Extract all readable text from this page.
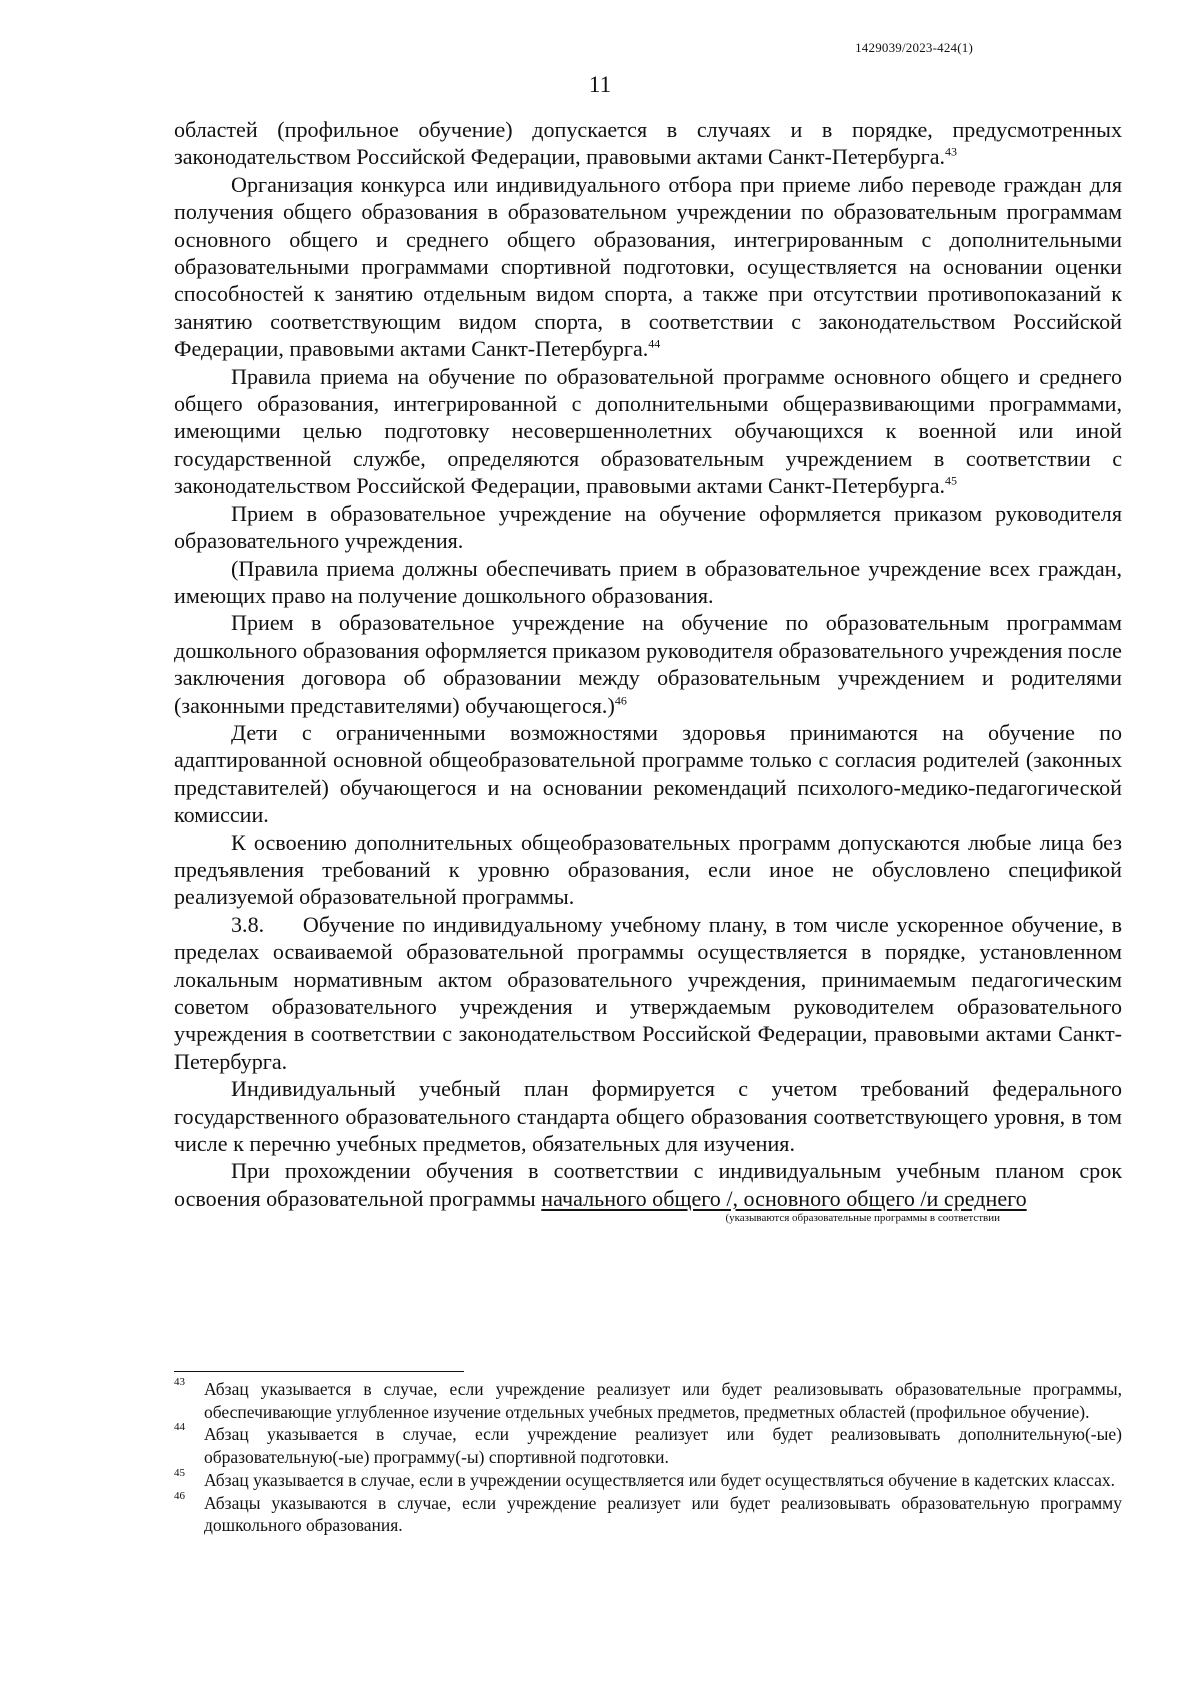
1429039/2023-424(1)
11

областей (профильное обучение) допускается в случаях и в порядке, предусмотренных законодательством Российской Федерации, правовыми актами Санкт-Петербурга.$^{43}$

Организация конкурса или индивидуального отбора при приеме либо переводе граждан для получения общего образования в образовательном учреждении по образовательным программам основного общего и среднего общего образования, интегрированным с дополнительными образовательными программами спортивной подготовки, осуществляется на основании оценки способностей к занятию отдельным видом спорта, а также при отсутствии противопоказаний к занятию соответствующим видом спорта, в соответствии с законодательством Российской Федерации, правовыми актами Санкт-Петербурга.$^{44}$

Правила приема на обучение по образовательной программе основного общего и среднего общего образования, интегрированной с дополнительными общеразвивающими программами, имеющими целью подготовку несовершеннолетних обучающихся к военной или иной государственной службе, определяются образовательным учреждением в соответствии с законодательством Российской Федерации, правовыми актами Санкт-Петербурга.$^{45}$

Прием в образовательное учреждение на обучение оформляется приказом руководителя образовательного учреждения.

(Правила приема должны обеспечивать прием в образовательное учреждение всех граждан, имеющих право на получение дошкольного образования.

Прием в образовательное учреждение на обучение по образовательным программам дошкольного образования оформляется приказом руководителя образовательного учреждения после заключения договора об образовании между образовательным учреждением и родителями (законными представителями) обучающегося.)$^{46}$

Дети с ограниченными возможностями здоровья принимаются на обучение по адаптированной основной общеобразовательной программе только с согласия родителей (законных представителей) обучающегося и на основании рекомендаций психолого-медико-педагогической комиссии.

К освоению дополнительных общеобразовательных программ допускаются любые лица без предъявления требований к уровню образования, если иное не обусловлено спецификой реализуемой образовательной программы.

3.8. Обучение по индивидуальному учебному плану, в том числе ускоренное обучение, в пределах осваиваемой образовательной программы осуществляется в порядке, установленном локальным нормативным актом образовательного учреждения, принимаемым педагогическим советом образовательного учреждения и утверждаемым руководителем образовательного учреждения в соответствии с законодательством Российской Федерации, правовыми актами Санкт-Петербурга.

Индивидуальный учебный план формируется с учетом требований федерального государственного образовательного стандарта общего образования соответствующего уровня, в том числе к перечню учебных предметов, обязательных для изучения.

При прохождении обучения в соответствии с индивидуальным учебным планом срок освоения образовательной программы начального общего /, основного общего /и среднего
(указываются образовательные программы в соответствии

43 Абзац указывается в случае, если учреждение реализует или будет реализовывать образовательные программы, обеспечивающие углубленное изучение отдельных учебных предметов, предметных областей (профильное обучение).
44 Абзац указывается в случае, если учреждение реализует или будет реализовывать дополнительную(-ые) образовательную(-ые) программу(-ы) спортивной подготовки.
45 Абзац указывается в случае, если в учреждении осуществляется или будет осуществляться обучение в кадетских классах.
46 Абзацы указываются в случае, если учреждение реализует или будет реализовывать образовательную программу дошкольного образования.
